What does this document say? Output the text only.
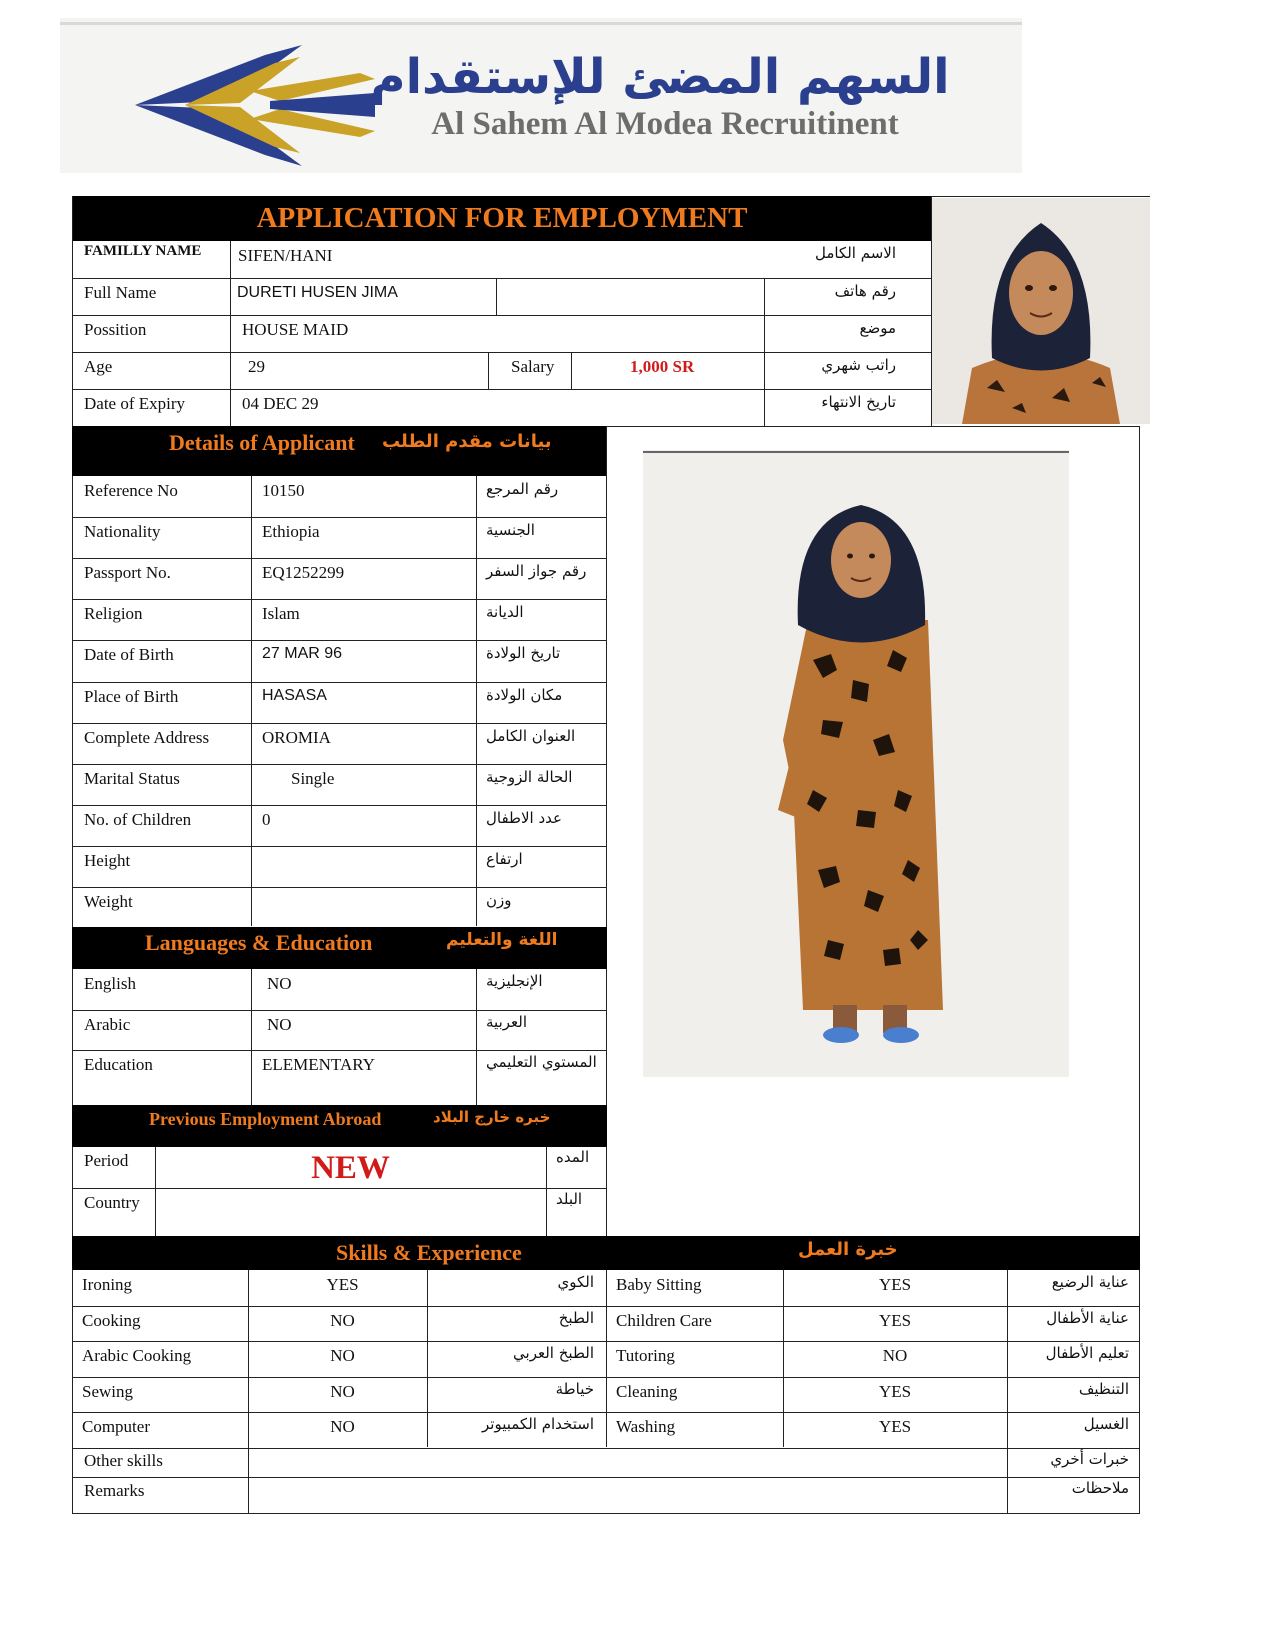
السهم المضئ للإستقدام
Al Sahem Al Modea Recruitinent
APPLICATION FOR EMPLOYMENT
FAMILLY NAME SIFEN/HANI	الاسم الكامل
Full Name	DURETI HUSEN JIMA	رقم هاتف
Possition	HOUSE MAID	موضع
Age	29	Salary	1,000 SR	راتب شهري
Date of Expiry	04 DEC 29	تاريخ الانتهاء
Details of Applicant بيانات مقدم الطلب
Reference No	10150	رقم المرجع
Nationality	Ethiopia	الجنسية
Passport No.	EQ1252299	رقم جواز السفر
Religion	Islam	الديانة
Date of Birth	27 MAR 96	تاريخ الولادة
Place of Birth	HASASA	مكان الولادة
Complete Address	OROMIA	العنوان الكامل
Marital Status	Single	الحالة الزوجية
No. of Children	0	عدد الاطفال
Height	ارتفاع
Weight	وزن
Languages & Education	اللغة والتعليم
English	NO	الإنجليزية
Arabic	NO	العربية
Education	ELEMENTARY	المستوي التعليمي
Previous Employment Abroad	خبره خارج البلاد
Period	NEW	المده
Country	البلد
Skills & Experience	خبرة العمل
Ironing	YES	الكوي Baby Sitting	YES	عناية الرضيع
Cooking	NO	الطبخ Children Care	YES	عناية الأطفال
Arabic Cooking	NO	الطبخ العربي Tutoring	NO	تعليم الأطفال
Sewing	NO	خياطة Cleaning	YES	التنظيف
Computer	NO	استخدام الكمبيوتر Washing	YES	الغسيل
Other skills	خبرات أخري
Remarks	ملاحظات
